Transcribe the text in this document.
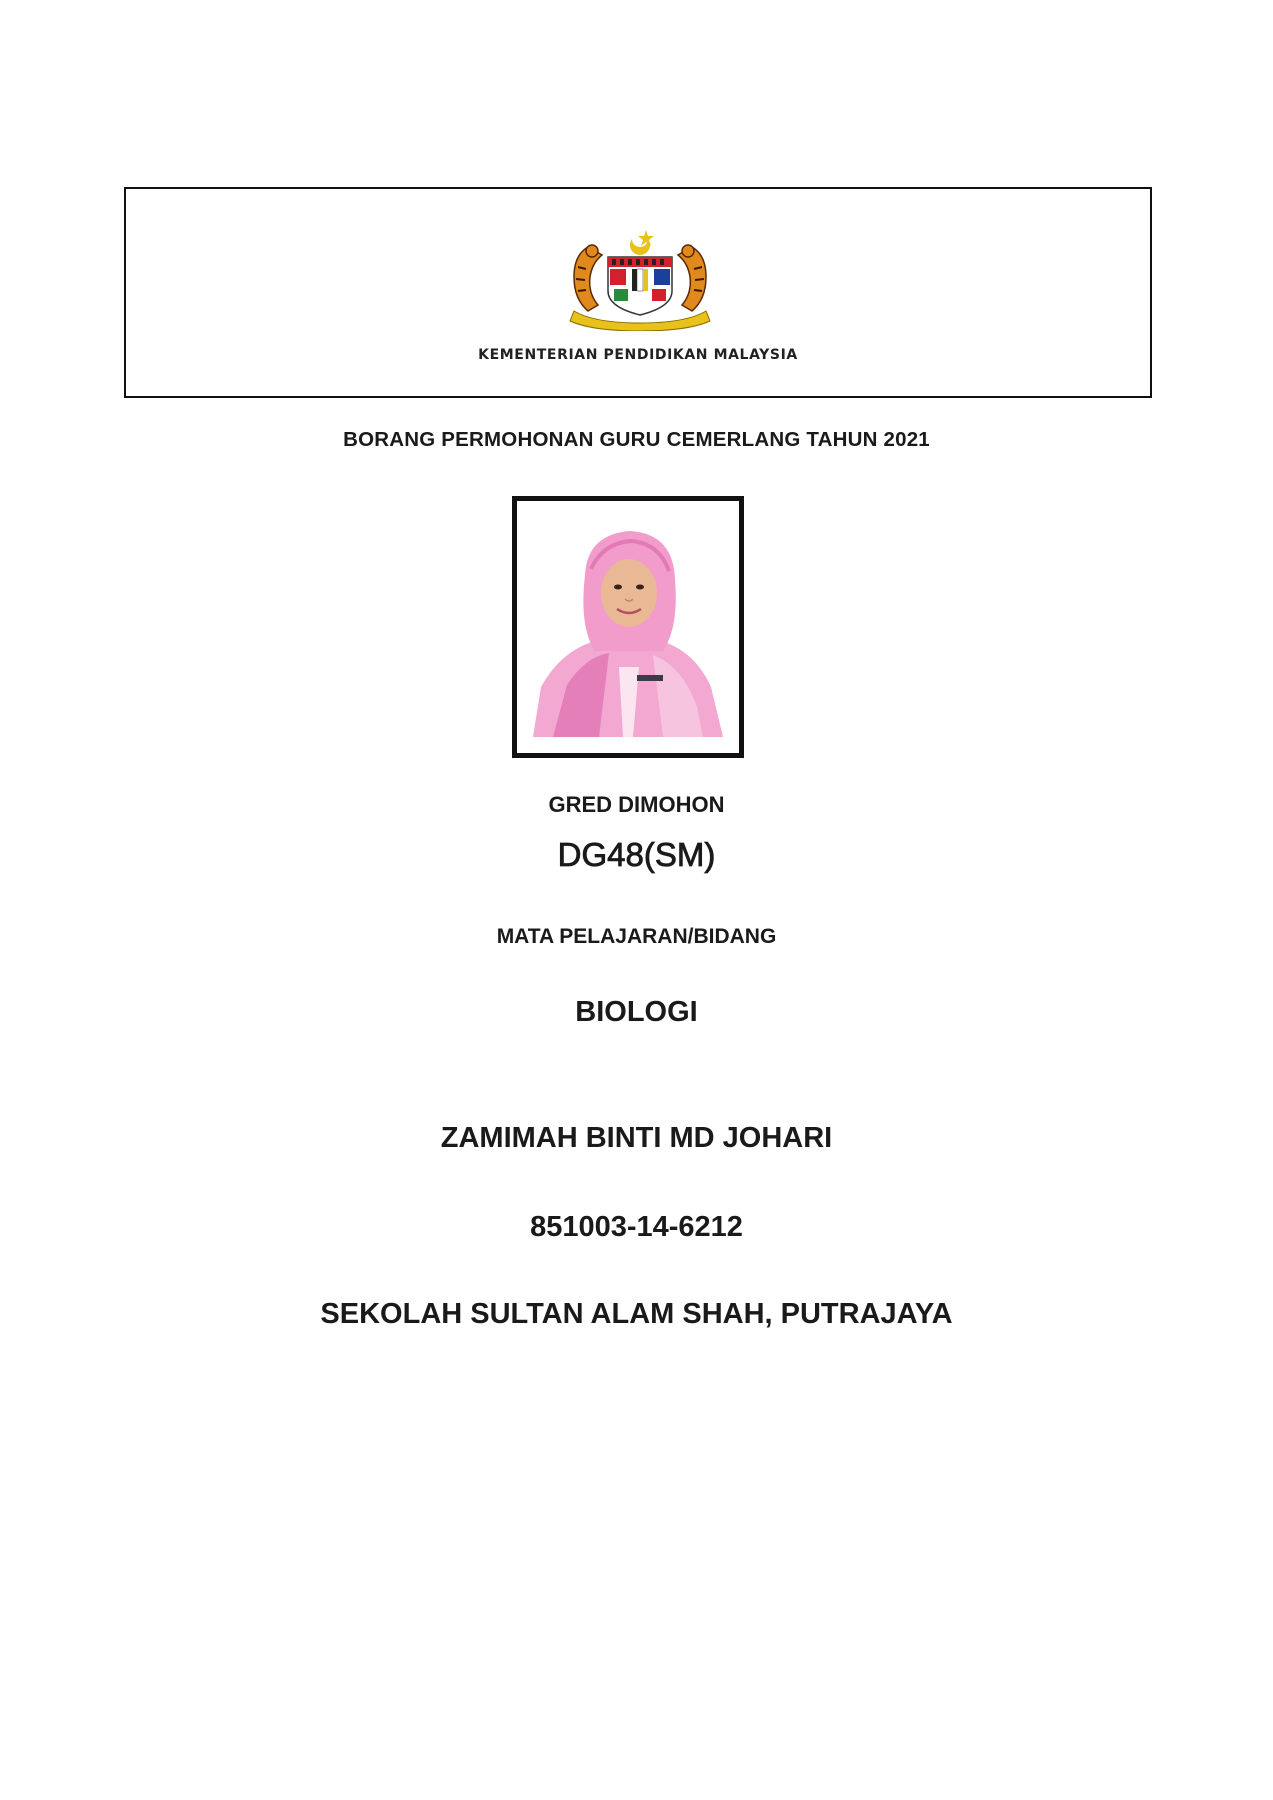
KEMENTERIAN PENDIDIKAN MALAYSIA
BORANG PERMOHONAN GURU CEMERLANG TAHUN 2021
GRED DIMOHON
DG48(SM)
MATA PELAJARAN/BIDANG
BIOLOGI
ZAMIMAH BINTI MD JOHARI
851003-14-6212
SEKOLAH SULTAN ALAM SHAH, PUTRAJAYA
